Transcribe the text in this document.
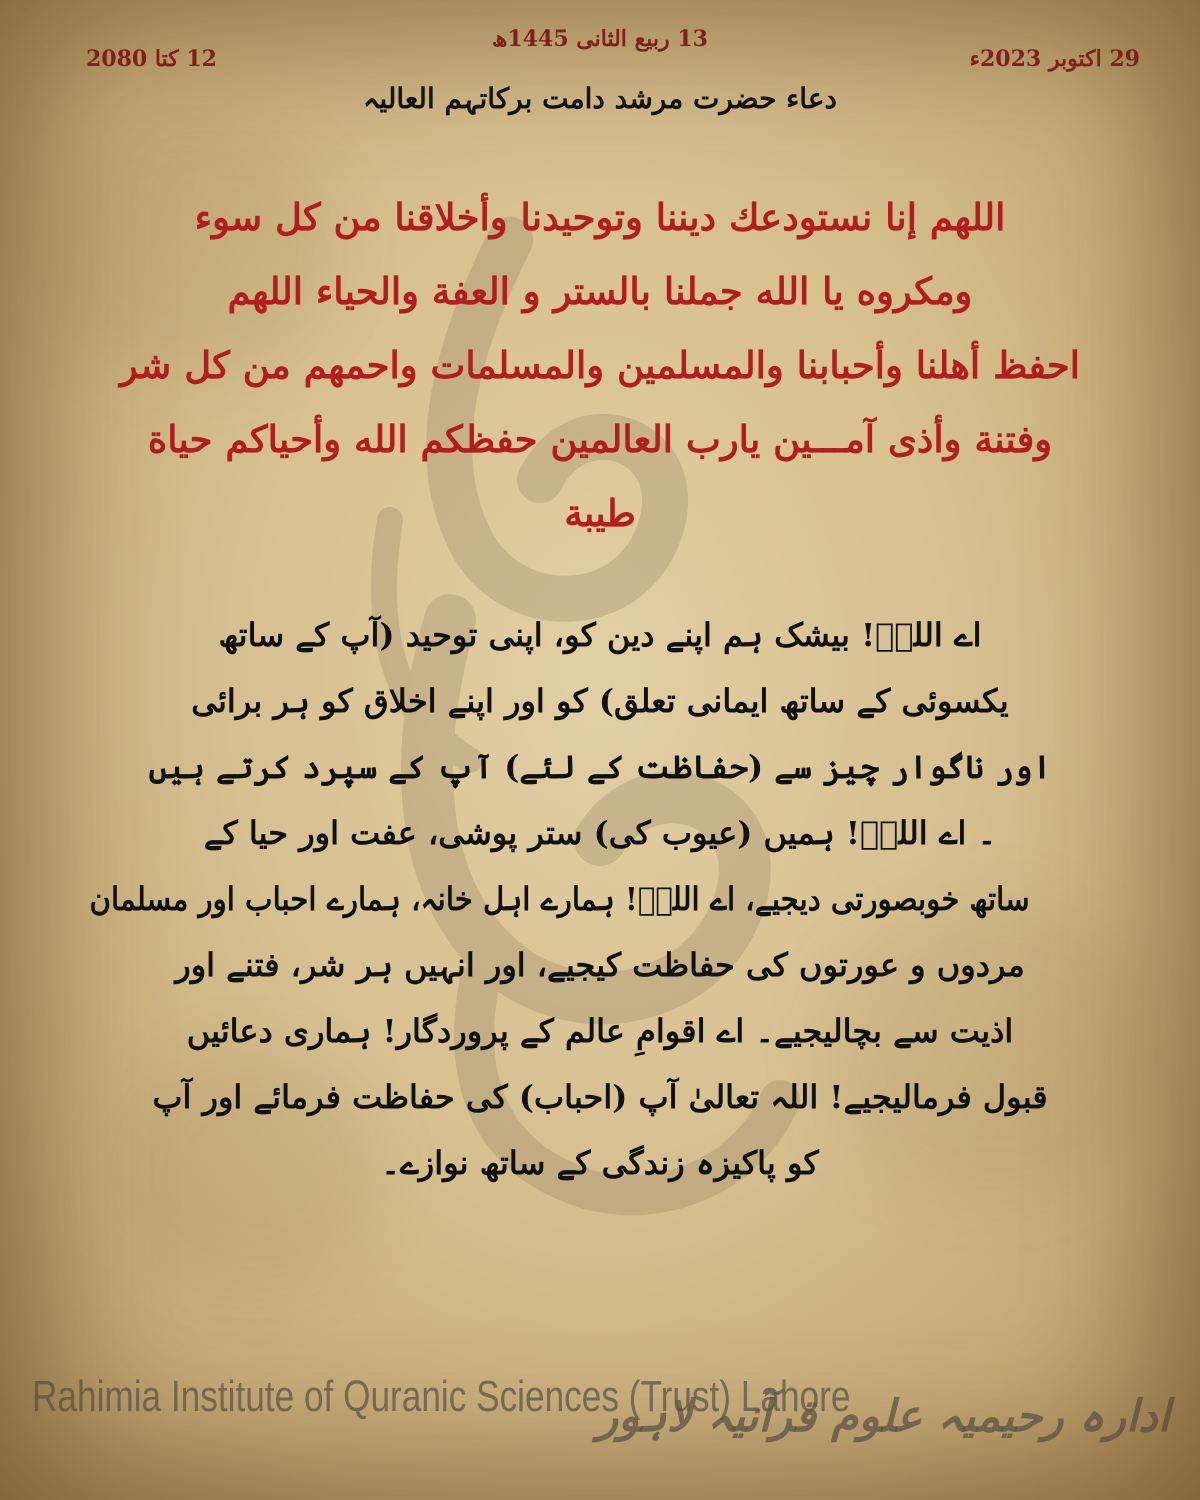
13 ربیع الثانی 1445ھ
29 اکتوبر 2023ء
12 کتا 2080
دعاء حضرت مرشد دامت برکاتہم العالیہ
اللهم إنا نستودعك ديننا وتوحيدنا وأخلاقنا من كل سوء
ومكروه يا الله جملنا بالستر و العفة والحياء اللهم
احفظ أهلنا وأحبابنا والمسلمين والمسلمات واحمهم من كل شر
وفتنة وأذى آمـــين يارب العالمين حفظكم الله وأحياكم حياة
طيبة
اے اللہؒ! بیشک ہم اپنے دین کو، اپنی توحید (آپ کے ساتھ
یکسوئی کے ساتھ ایمانی تعلق) کو اور اپنے اخلاق کو ہر برائی
اور ناگوار چیز سے (حفاظت کے لئے) آپ کے سپرد کرتے ہیں
۔ اے اللہؒ! ہمیں (عیوب کی) ستر پوشی، عفت اور حیا کے
ساتھ خوبصورتی دیجیے، اے اللہؒ! ہمارے اہل خانہ، ہمارے احباب اور مسلمان
مردوں و عورتوں کی حفاظت کیجیے، اور انہیں ہر شر، فتنے اور
اذیت سے بچالیجیے۔ اے اقوامِ عالم کے پروردگار! ہماری دعائیں
قبول فرمالیجیے! اللہ تعالیٰ آپ (احباب) کی حفاظت فرمائے اور آپ
کو پاکیزہ زندگی کے ساتھ نوازے۔
Rahimia Institute of Quranic Sciences (Trust) Lahore
ادارہ رحیمیہ علوم قرآنیہ لاہور
